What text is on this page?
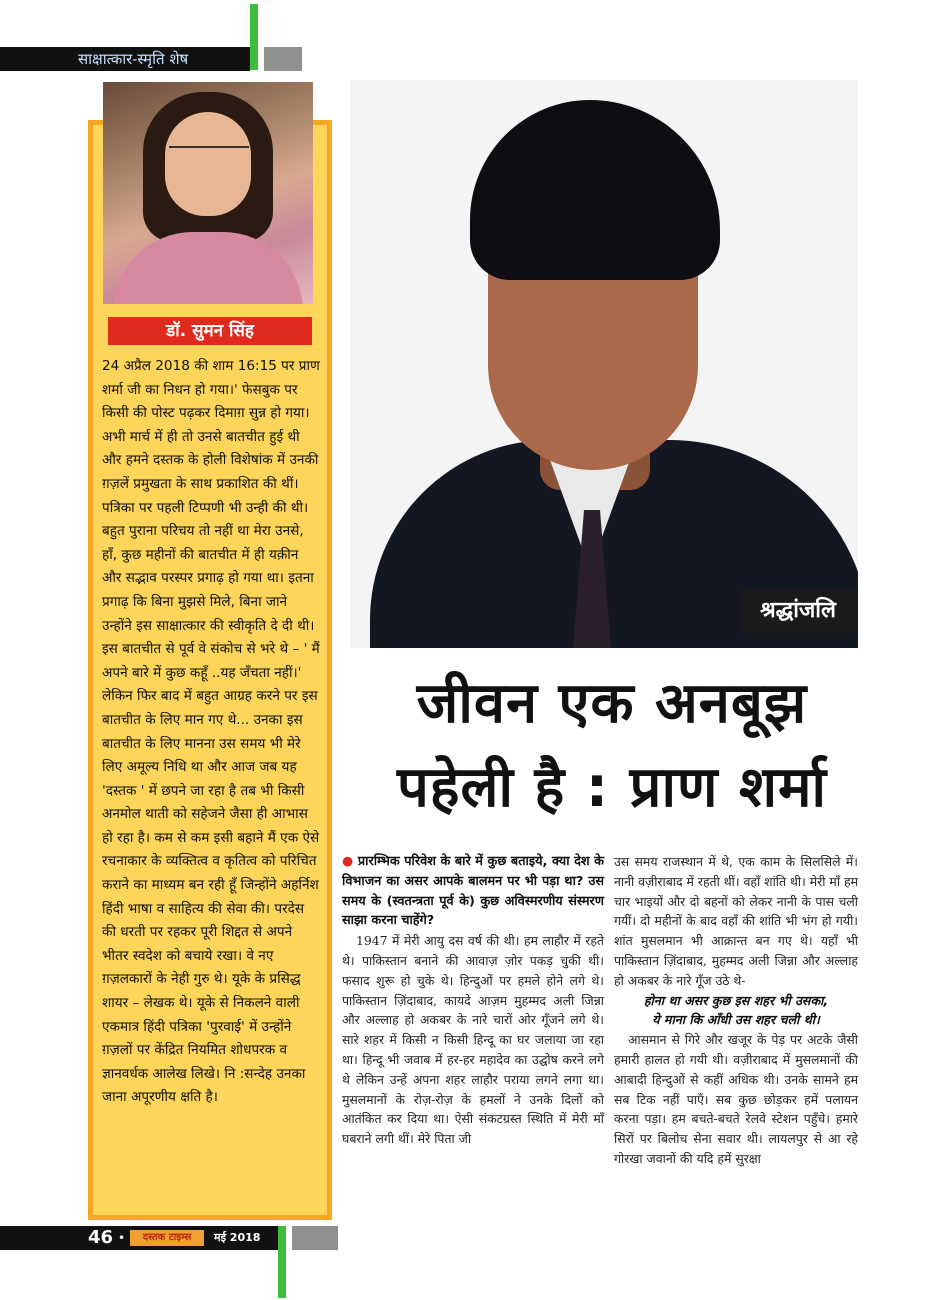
साक्षात्कार-स्मृति शेष
डॉ. सुमन सिंह
24 अप्रैल 2018 की शाम 16:15 पर प्राण शर्मा जी का निधन हो गया।' फेसबुक पर किसी की पोस्ट पढ़कर दिमाग़ सुन्न हो गया। अभी मार्च में ही तो उनसे बातचीत हुई थी और हमने दस्तक के होली विशेषांक में उनकी ग़ज़लें प्रमुखता के साथ प्रकाशित की थीं। पत्रिका पर पहली टिप्पणी भी उन्ही की थी। बहुत पुराना परिचय तो नहीं था मेरा उनसे, हाँ, कुछ महीनों की बातचीत में ही यक़ीन और सद्भाव परस्पर प्रगाढ़ हो गया था। इतना प्रगाढ़ कि बिना मुझसे मिले, बिना जाने उन्होंने इस साक्षात्कार की स्वीकृति दे दी थी। इस बातचीत से पूर्व वे संकोच से भरे थे – ' मैं अपने बारे में कुछ कहूँ ..यह जँचता नहीं।' लेकिन फिर बाद में बहुत आग्रह करने पर इस बातचीत के लिए मान गए थे... उनका इस बातचीत के लिए मानना उस समय भी मेरे लिए अमूल्य निधि था और आज जब यह 'दस्तक ' में छपने जा रहा है तब भी किसी अनमोल थाती को सहेजने जैसा ही आभास हो रहा है। कम से कम इसी बहाने मैं एक ऐसे रचनाकार के व्यक्तित्व व कृतित्व को परिचित कराने का माध्यम बन रही हूँ जिन्होंने अहर्निश हिंदी भाषा व साहित्य की सेवा की। परदेस की धरती पर रहकर पूरी शिद्दत से अपने भीतर स्वदेश को बचाये रखा। वे नए ग़ज़लकारों के नेही गुरु थे। यूके के प्रसिद्ध शायर – लेखक थे। यूके से निकलने वाली एकमात्र हिंदी पत्रिका 'पुरवाई' में उन्होंने ग़ज़लों पर केंद्रित नियमित शोधपरक व ज्ञानवर्धक आलेख लिखे। नि :सन्देह उनका जाना अपूरणीय क्षति है।
श्रद्धांजलि
जीवन एक अनबूझ
पहेली है : प्राण शर्मा

● प्रारम्भिक परिवेश के बारे में कुछ बताइये, क्या देश के विभाजन का असर आपके बालमन पर भी पड़ा था? उस समय के (स्वतन्त्रता पूर्व के) कुछ अविस्मरणीय संस्मरण साझा करना चाहेंगे?

1947 में मेरी आयु दस वर्ष की थी। हम लाहौर में रहते थे। पाकिस्तान बनाने की आवाज़ ज़ोर पकड़ चुकी थी। फसाद शुरू हो चुके थे। हिन्दुओं पर हमले होने लगे थे। पाकिस्तान ज़िंदाबाद, कायदे आज़म मुहम्मद अली जिन्ना और अल्लाह हो अकबर के नारे चारों ओर गूँजने लगे थे। सारे शहर में किसी न किसी हिन्दू का घर जलाया जा रहा था। हिन्दू भी जवाब में हर-हर महादेव का उद्घोष करने लगे थे लेकिन उन्हें अपना शहर लाहौर पराया लगने लगा था। मुसलमानों के रोज़-रोज़ के हमलों ने उनके दिलों को आतंकित कर दिया था। ऐसी संकटग्रस्त स्थिति में मेरी माँ घबराने लगी थीं। मेरे पिता जी

उस समय राजस्थान में थे, एक काम के सिलसिले में। नानी वज़ीराबाद में रहती थीं। वहाँ शांति थी। मेरी माँ हम चार भाइयों और दो बहनों को लेकर नानी के पास चली गयीं। दो महीनों के बाद वहाँ की शांति भी भंग हो गयी। शांत मुसलमान भी आक्रान्त बन गए थे। यहाँ भी पाकिस्तान ज़िंदाबाद, मुहम्मद अली जिन्ना और अल्लाह हो अकबर के नारे गूँज उठे थे-

होना था असर कुछ इस शहर भी उसका,

ये माना कि आँधी उस शहर चली थी।

आसमान से गिरे और खजूर के पेड़ पर अटके जैसी हमारी हालत हो गयी थी। वज़ीराबाद में मुसलमानों की आबादी हिन्दुओं से कहीं अधिक थी। उनके सामने हम सब टिक नहीं पाएँ। सब कुछ छोड़कर हमें पलायन करना पड़ा। हम बचते-बचते रेलवे स्टेशन पहुँचे। हमारे सिरों पर बिलोच सेना सवार थी। लायलपुर से आ रहे गोरखा जवानों की यदि हमें सुरक्षा

46 •	दस्तक टाइम्स	मई 2018
